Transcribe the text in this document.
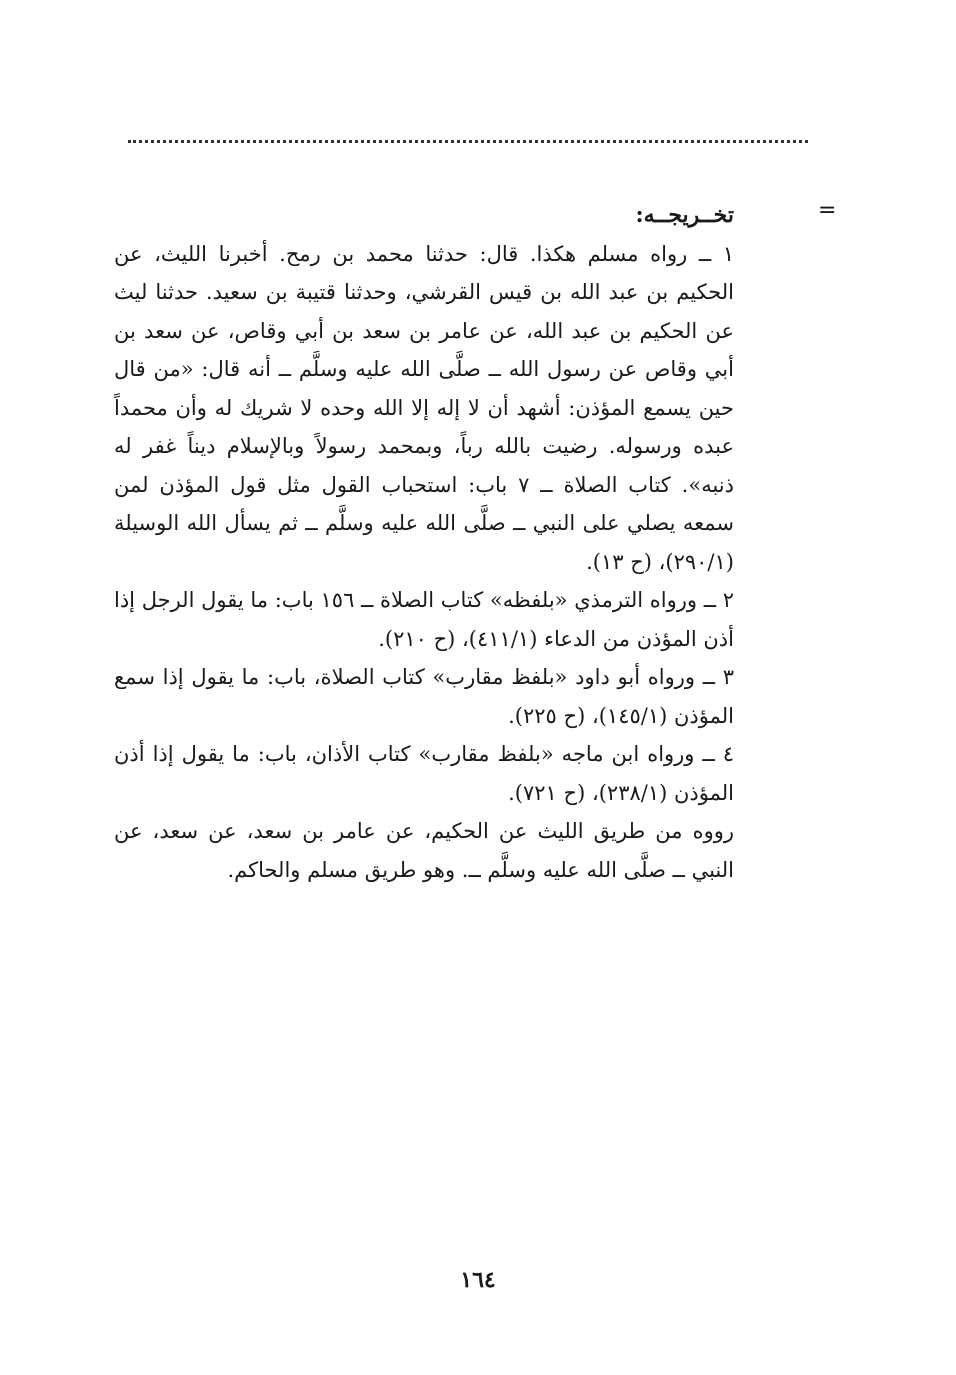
=
تخــريجــه:

١ ــ رواه مسلم هكذا. قال: حدثنا محمد بن رمح. أخبرنا الليث، عن الحكيم بن عبد الله بن قيس القرشي، وحدثنا قتيبة بن سعيد. حدثنا ليث عن الحكيم بن عبد الله، عن عامر بن سعد بن أبي وقاص، عن سعد بن أبي وقاص عن رسول الله ــ صلَّى الله عليه وسلَّم ــ أنه قال: «من قال حين يسمع المؤذن: أشهد أن لا إله إلا الله وحده لا شريك له وأن محمداً عبده ورسوله. رضيت بالله رباً، وبمحمد رسولاً وبالإسلام ديناً غفر له ذنبه». كتاب الصلاة ــ ٧ باب: استحباب القول مثل قول المؤذن لمن سمعه يصلي على النبي ــ صلَّى الله عليه وسلَّم ــ ثم يسأل الله الوسيلة (٢٩٠/١)، (ح ١٣).

٢ ــ ورواه الترمذي «بلفظه» كتاب الصلاة ــ ١٥٦ باب: ما يقول الرجل إذا أذن المؤذن من الدعاء (٤١١/١)، (ح ٢١٠).

٣ ــ ورواه أبو داود «بلفظ مقارب» كتاب الصلاة، باب: ما يقول إذا سمع المؤذن (١٤٥/١)، (ح ٢٢٥).

٤ ــ ورواه ابن ماجه «بلفظ مقارب» كتاب الأذان، باب: ما يقول إذا أذن المؤذن (٢٣٨/١)، (ح ٧٢١).

رووه من طريق الليث عن الحكيم، عن عامر بن سعد، عن سعد، عن النبي ــ صلَّى الله عليه وسلَّم ــ. وهو طريق مسلم والحاكم.

١٦٤
